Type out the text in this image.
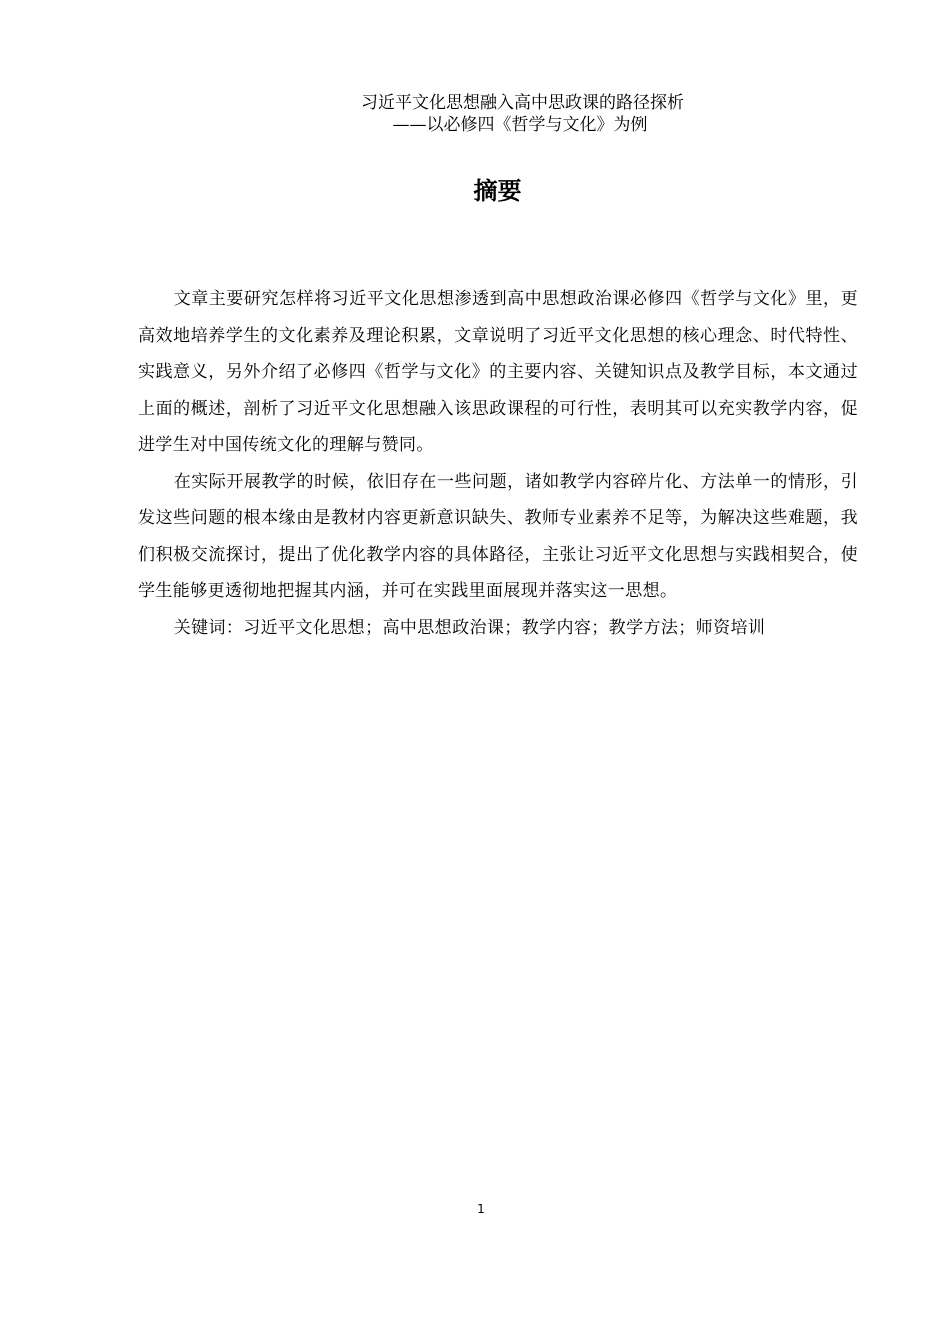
习近平文化思想融入高中思政课的路径探析
——以必修四《哲学与文化》为例
摘要

文章主要研究怎样将习近平文化思想渗透到高中思想政治课必修四《哲学与文化》里，更高效地培养学生的文化素养及理论积累，文章说明了习近平文化思想的核心理念、时代特性、实践意义，另外介绍了必修四《哲学与文化》的主要内容、关键知识点及教学目标，本文通过上面的概述，剖析了习近平文化思想融入该思政课程的可行性，表明其可以充实教学内容，促进学生对中国传统文化的理解与赞同。

在实际开展教学的时候，依旧存在一些问题，诸如教学内容碎片化、方法单一的情形，引发这些问题的根本缘由是教材内容更新意识缺失、教师专业素养不足等，为解决这些难题，我们积极交流探讨，提出了优化教学内容的具体路径，主张让习近平文化思想与实践相契合，使学生能够更透彻地把握其内涵，并可在实践里面展现并落实这一思想。

关键词：习近平文化思想；高中思想政治课；教学内容；教学方法；师资培训

1
